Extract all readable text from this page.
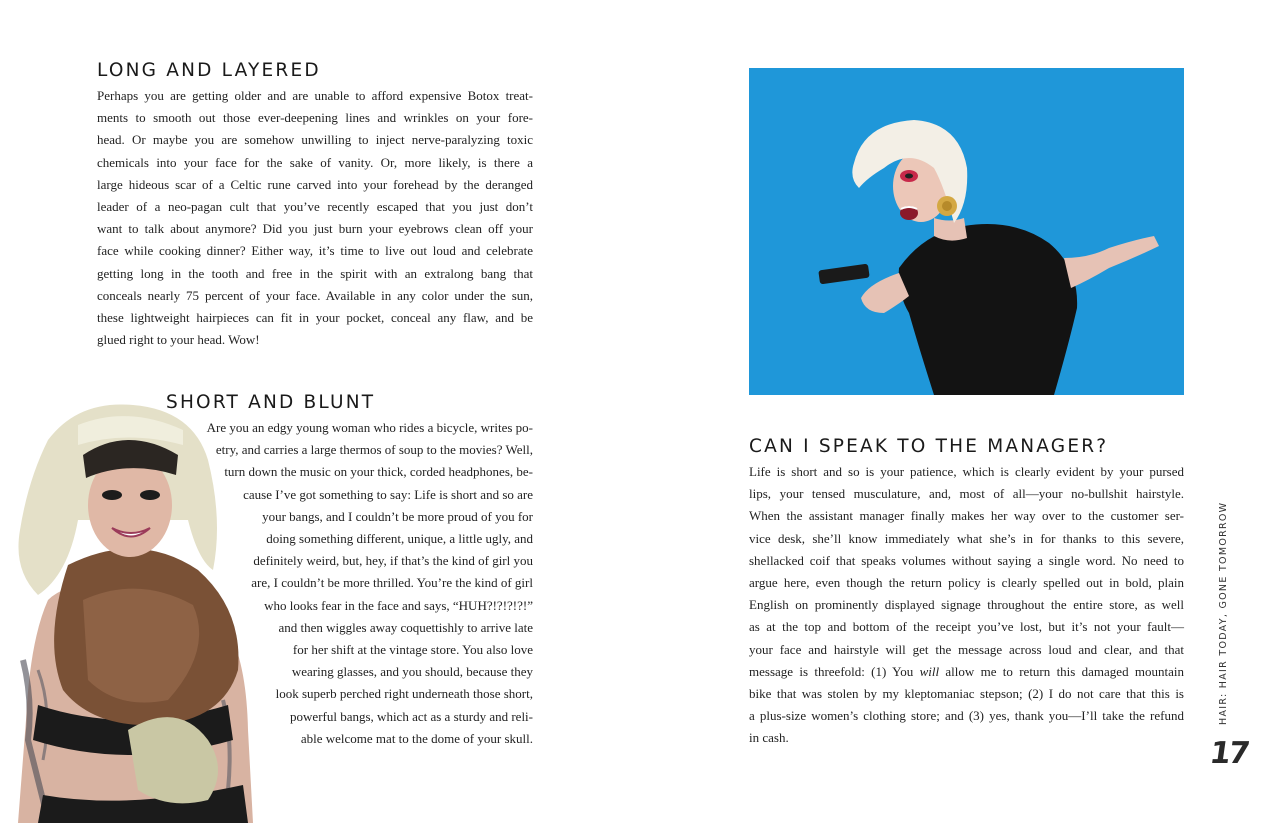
LONG AND LAYERED

Perhaps you are getting older and are unable to afford expensive Botox treat-
ments to smooth out those ever-deepening lines and wrinkles on your fore-
head. Or maybe you are somehow unwilling to inject nerve-paralyzing toxic
chemicals into your face for the sake of vanity. Or, more likely, is there a
large hideous scar of a Celtic rune carved into your forehead by the deranged
leader of a neo-pagan cult that you’ve recently escaped that you just don’t
want to talk about anymore? Did you just burn your eyebrows clean off your
face while cooking dinner? Either way, it’s time to live out loud and celebrate
getting long in the tooth and free in the spirit with an extralong bang that
conceals nearly 75 percent of your face. Available in any color under the sun,
these lightweight hairpieces can fit in your pocket, conceal any flaw, and be
glued right to your head. Wow!

SHORT AND BLUNT

Are you an edgy young woman who rides a bicycle, writes po-
etry, and carries a large thermos of soup to the movies? Well,
turn down the music on your thick, corded headphones, be-
cause I’ve got something to say: Life is short and so are
your bangs, and I couldn’t be more proud of you for
doing something different, unique, a little ugly, and
definitely weird, but, hey, if that’s the kind of girl you
are, I couldn’t be more thrilled. You’re the kind of girl
who looks fear in the face and says, “HUH?!?!?!?!”
and then wiggles away coquettishly to arrive late
for her shift at the vintage store. You also love
wearing glasses, and you should, because they
look superb perched right underneath those short,
powerful bangs, which act as a sturdy and reli-
able welcome mat to the dome of your skull.

CAN I SPEAK TO THE MANAGER?

Life is short and so is your patience, which is clearly evident by your pursed
lips, your tensed musculature, and, most of all—your no-bullshit hairstyle.
When the assistant manager finally makes her way over to the customer ser-
vice desk, she’ll know immediately what she’s in for thanks to this severe,
shellacked coif that speaks volumes without saying a single word. No need to
argue here, even though the return policy is clearly spelled out in bold, plain
English on prominently displayed signage throughout the entire store, as well
as at the top and bottom of the receipt you’ve lost, but it’s not your fault—
your face and hairstyle will get the message across loud and clear, and that
message is threefold: (1) You will allow me to return this damaged mountain
bike that was stolen by my kleptomaniac stepson; (2) I do not care that this is
a plus-size women’s clothing store; and (3) yes, thank you—I’ll take the refund
in cash.

HAIR: HAIR TODAY, GONE TOMORROW
17
